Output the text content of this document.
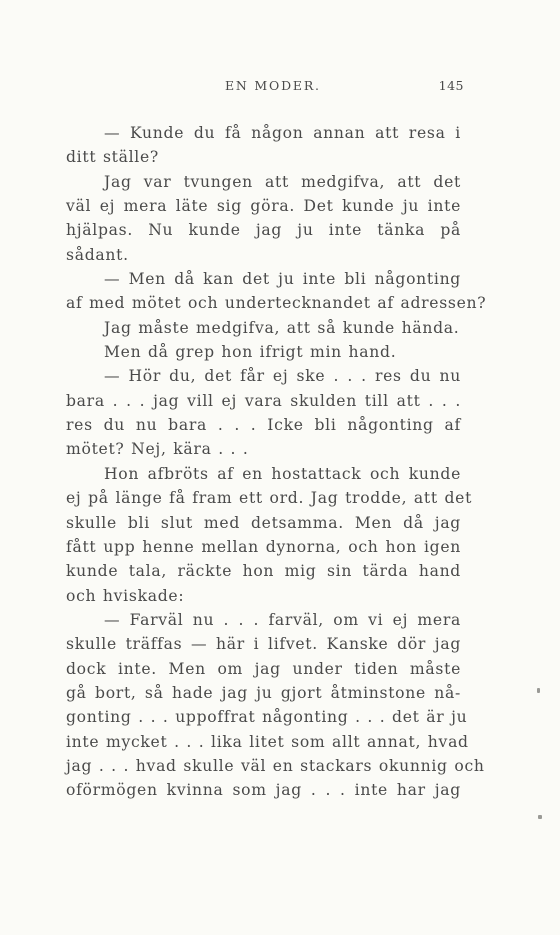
EN MODER.	145
— Kunde du få någon annan att resa i
ditt ställe?
Jag var tvungen att medgifva, att det
väl ej mera läte sig göra. Det kunde ju inte
hjälpas. Nu kunde jag ju inte tänka på
sådant.
— Men då kan det ju inte bli någonting
af med mötet och undertecknandet af adressen?
Jag måste medgifva, att så kunde hända.
Men då grep hon ifrigt min hand.
— Hör du, det får ej ske . . . res du nu
bara . . . jag vill ej vara skulden till att . . .
res du nu bara . . . Icke bli någonting af
mötet? Nej, kära . . .
Hon afbröts af en hostattack och kunde
ej på länge få fram ett ord. Jag trodde, att det
skulle bli slut med detsamma. Men då jag
fått upp henne mellan dynorna, och hon igen
kunde tala, räckte hon mig sin tärda hand
och hviskade:
— Farväl nu . . . farväl, om vi ej mera
skulle träffas — här i lifvet. Kanske dör jag
dock inte. Men om jag under tiden måste
gå bort, så hade jag ju gjort åtminstone nå-
gonting . . . uppoffrat någonting . . . det är ju
inte mycket . . . lika litet som allt annat, hvad
jag . . . hvad skulle väl en stackars okunnig och
oförmögen kvinna som jag . . . inte har jag
